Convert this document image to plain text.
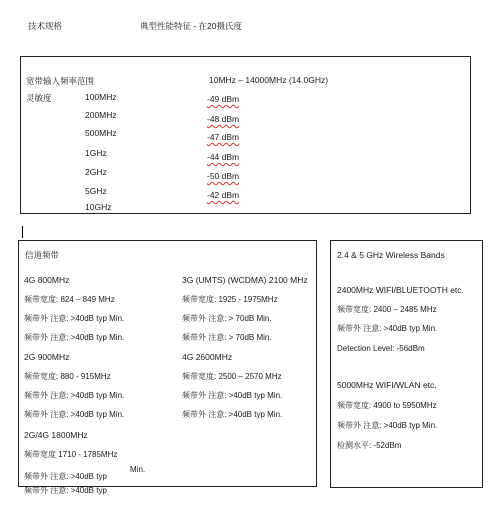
技术规格	典型性能特征 - 在20摄氏度
宽带输入频率范围	10MHz – 14000MHz (14.0GHz)
灵敏度	100MHz	-49 dBm
200MHz	-48 dBm
500MHz	-47 dBm
1GHz	-44 dBm
2GHz	-50 dBm
5GHz	-42 dBm
10GHz
信道频带
4G 800MHz
频带宽度: 824 – 849 MHz
频带外 注意: >40dB typ Min.
频带外 注意: >40dB typ Min.
3G (UMTS) (WCDMA) 2100 MHz
频带宽度: 1925 - 1975MHz
频带外 注意: > 70dB Min.
频带外 注意: > 70dB Min.
2G 900MHz
频带宽度: 880 - 915MHz
频带外 注意: >40dB typ Min.
频带外 注意: >40dB typ Min.
4G 2600MHz
频带宽度: 2500 – 2570 MHz
频带外 注意: >40dB typ Min.
频带外 注意: >40dB typ Min.
2G/4G 1800MHz
频带宽度 1710 - 1785MHz
频带外 注意: >40dB typ
Min.
频带外 注意: >40dB typ
2.4 & 5 GHz Wireless Bands
2400MHz WIFI/BLUETOOTH etc.
频带宽度: 2400 – 2485 MHz
频带外 注意: >40dB typ Min.
Detection Level: -56dBm
5000MHz WIFI/WLAN etc.
频带宽度: 4900 to 5950MHz
频带外 注意: >40dB typ Min.
检测水平: -52dBm
